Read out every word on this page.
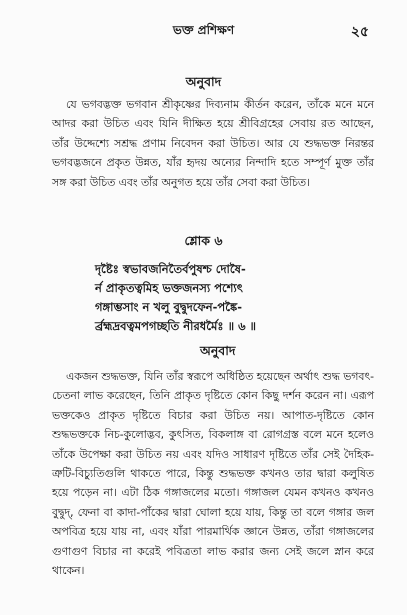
ভক্ত প্রশিক্ষণ	২৫
অনুবাদ
যে ভগবদ্ভক্ত ভগবান শ্রীকৃষ্ণের দিব্যনাম কীর্তন করেন, তাঁকে মনে মনে আদর করা উচিত এবং যিনি দীক্ষিত হয়ে শ্রীবিগ্রহের সেবায় রত আছেন, তাঁর উদ্দেশ্যে সশ্রদ্ধ প্রণাম নিবেদন করা উচিত। আর যে শুদ্ধভক্ত নিরন্তর ভগবদ্ভজনে প্রকৃত উন্নত, যাঁর হৃদয় অন্যের নিন্দাদি হতে সম্পূর্ণ মুক্ত তাঁর সঙ্গ করা উচিত এবং তাঁর অনুগত হয়ে তাঁর সেবা করা উচিত।
শ্লোক ৬
দৃষ্টৈঃ স্বভাবজনিতৈর্বপুষশ্চ দোষৈ-
র্ন প্রাকৃতত্বমিহ ভক্তজনস্য পশ্যেৎ
গঙ্গাম্ভসাং ন খলু বুদ্বুদফেন-পঙ্কৈ-
র্ব্রহ্মদ্রবত্বমপগচ্ছতি নীরধর্মৈঃ ॥ ৬ ॥
অনুবাদ
একজন শুদ্ধভক্ত, যিনি তাঁর স্বরূপে অধিষ্ঠিত হয়েছেন অর্থাৎ শুদ্ধ ভগবৎ-চেতনা লাভ করেছেন, তিনি প্রাকৃত দৃষ্টিতে কোন কিছু দর্শন করেন না। এরূপ ভক্তকেও প্রাকৃত দৃষ্টিতে বিচার করা উচিত নয়। আপাত-দৃষ্টিতে কোন শুদ্ধভক্তকে নিচ-কুলোদ্ভব, কুৎসিত, বিকলাঙ্গ বা রোগগ্রস্ত বলে মনে হলেও তাঁকে উপেক্ষা করা উচিত নয় এবং যদিও সাধারণ দৃষ্টিতে তাঁর সেই দৈহিক-ত্রুটি-বিচ্যুতিগুলি থাকতে পারে, কিন্তু শুদ্ধভক্ত কখনও তার দ্বারা কলুষিত হয়ে পড়েন না। এটা ঠিক গঙ্গাজলের মতো। গঙ্গাজল যেমন কখনও কখনও বুদ্বুদ্, ফেনা বা কাদা-পাঁকের দ্বারা ঘোলা হয়ে যায়, কিন্তু তা বলে গঙ্গার জল অপবিত্র হয়ে যায় না, এবং যাঁরা পারমার্থিক জ্ঞানে উন্নত, তাঁরা গঙ্গাজলের গুণাগুণ বিচার না করেই পবিত্রতা লাভ করার জন্য সেই জলে স্নান করে থাকেন।
